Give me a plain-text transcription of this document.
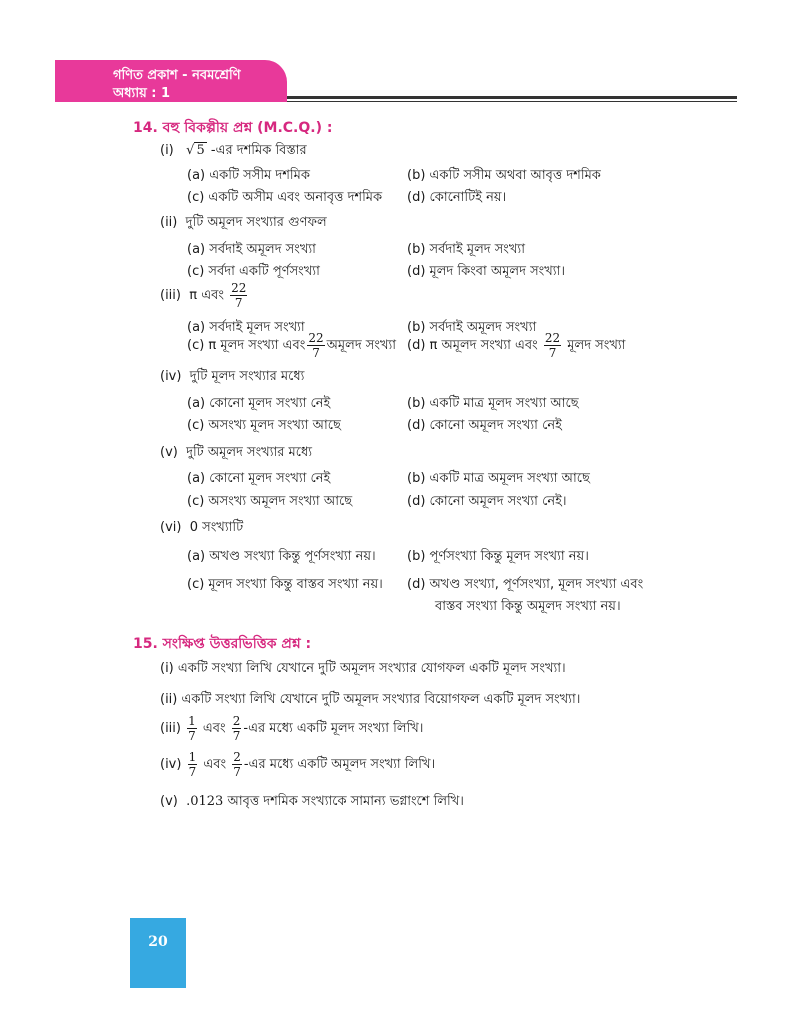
গণিত প্রকাশ - নবমশ্রেণি
অধ্যায় : 1
14. বহু বিকল্পীয় প্রশ্ন (M.C.Q.) :
(i) √ 5 -এর দশমিক বিস্তার
(a) একটি সসীম দশমিক	(b) একটি সসীম অথবা আবৃত্ত দশমিক
(c) একটি অসীম এবং অনাবৃত্ত দশমিক (d) কোনোটিই নয়।
(ii) দুটি অমূলদ সংখ্যার গুণফল
(a) সর্বদাই অমূলদ সংখ্যা	(b) সর্বদাই মূলদ সংখ্যা
(c) সর্বদা একটি পূর্ণসংখ্যা	(d) মূলদ কিংবা অমূলদ সংখ্যা।
(iii) π এবং $\frac{22}{7}$
(a) সর্বদাই মূলদ সংখ্যা	(b) সর্বদাই অমূলদ সংখ্যা
(c) π মূলদ সংখ্যা এবং $\frac{22}{7}$ অমূলদ সংখ্যা (d) π অমূলদ সংখ্যা এবং $\frac{22}{7}$ মূলদ সংখ্যা
(iv) দুটি মূলদ সংখ্যার মধ্যে
(a) কোনো মূলদ সংখ্যা নেই	(b) একটি মাত্র মূলদ সংখ্যা আছে
(c) অসংখ্য মূলদ সংখ্যা আছে	(d) কোনো অমূলদ সংখ্যা নেই
(v) দুটি অমূলদ সংখ্যার মধ্যে
(a) কোনো মূলদ সংখ্যা নেই	(b) একটি মাত্র অমূলদ সংখ্যা আছে
(c) অসংখ্য অমূলদ সংখ্যা আছে	(d) কোনো অমূলদ সংখ্যা নেই।
(vi) 0 সংখ্যাটি
(a) অখণ্ড সংখ্যা কিন্তু পূর্ণসংখ্যা নয়। (b) পূর্ণসংখ্যা কিন্তু মূলদ সংখ্যা নয়।
(c) মূলদ সংখ্যা কিন্তু বাস্তব সংখ্যা নয়। (d) অখণ্ড সংখ্যা, পূর্ণসংখ্যা, মূলদ সংখ্যা এবং
বাস্তব সংখ্যা কিন্তু অমূলদ সংখ্যা নয়।
15. সংক্ষিপ্ত উত্তরভিত্তিক প্রশ্ন :
(i) একটি সংখ্যা লিখি যেখানে দুটি অমূলদ সংখ্যার যোগফল একটি মূলদ সংখ্যা।
(ii) একটি সংখ্যা লিখি যেখানে দুটি অমূলদ সংখ্যার বিয়োগফল একটি মূলদ সংখ্যা।
$(iii) \frac{1}{7}$ এবং $\frac{2}{7}$ -এর মধ্যে একটি মূলদ সংখ্যা লিখি।
$(iv) \frac{1}{7}$ এবং $\frac{2}{7}$ -এর মধ্যে একটি অমূলদ সংখ্যা লিখি।
(v) .0123 আবৃত্ত দশমিক সংখ্যাকে সামান্য ভগ্নাংশে লিখি।
20
